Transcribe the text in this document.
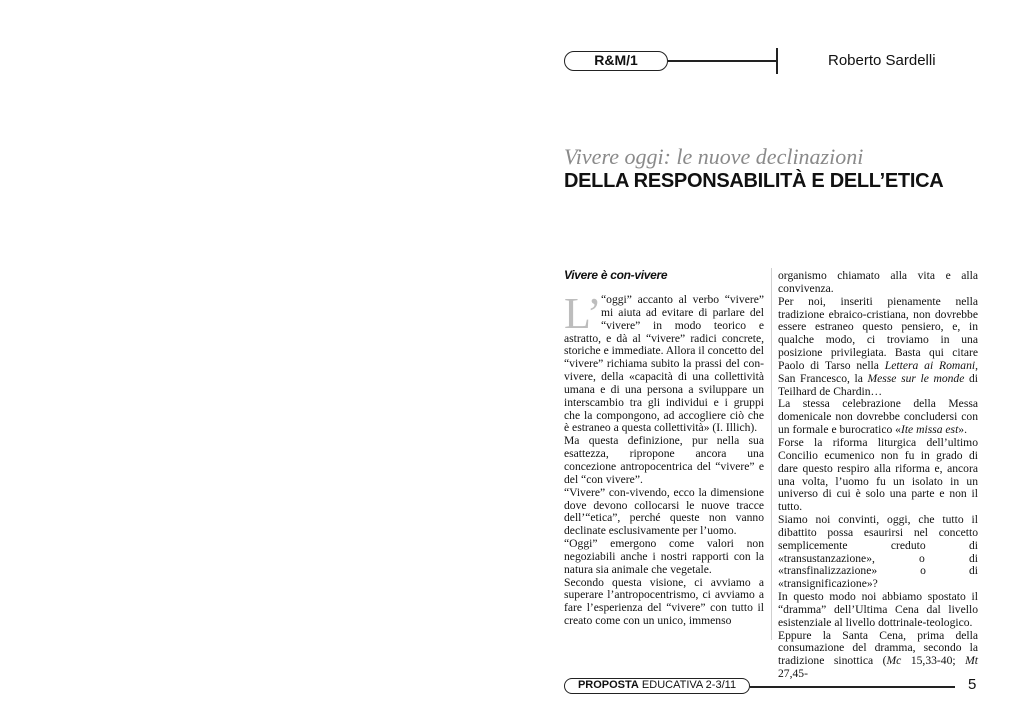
R&M/1	Roberto Sardelli
Vivere oggi: le nuove declinazioni
DELLA RESPONSABILITÀ E DELL’ETICA
Vivere è con-vivere

L’ “oggi” accanto al verbo “vivere” mi aiuta ad evitare di parlare del “vivere” in modo teorico e astratto, e dà al “vivere” radici concrete, storiche e immediate. Allora il concetto del “vivere” richiama subito la prassi del con-vivere, della «capacità di una collettività umana e di una persona a sviluppare un interscambio tra gli individui e i gruppi che la compongono, ad accogliere ciò che è estraneo a questa collettività» (I. Illich).

Ma questa definizione, pur nella sua esattezza, ripropone ancora una concezione antropocentrica del “vivere” e del “con vivere”.

“Vivere” con-vivendo, ecco la dimensione dove devono collocarsi le nuove tracce dell’“etica”, perché queste non vanno declinate esclusivamente per l’uomo.

“Oggi” emergono come valori non negoziabili anche i nostri rapporti con la natura sia animale che vegetale.

Secondo questa visione, ci avviamo a superare l’antropocentrismo, ci avviamo a fare l’esperienza del “vivere” con tutto il creato come con un unico, immenso

organismo chiamato alla vita e alla convivenza.

Per noi, inseriti pienamente nella tradizione ebraico-cristiana, non dovrebbe essere estraneo questo pensiero, e, in qualche modo, ci troviamo in una posizione privilegiata. Basta qui citare Paolo di Tarso nella Lettera ai Romani, San Francesco, la Messe sur le monde di Teilhard de Chardin…

La stessa celebrazione della Messa domenicale non dovrebbe concludersi con un formale e burocratico «Ite missa est».

Forse la riforma liturgica dell’ultimo Concilio ecumenico non fu in grado di dare questo respiro alla riforma e, ancora una volta, l’uomo fu un isolato in un universo di cui è solo una parte e non il tutto.

Siamo noi convinti, oggi, che tutto il dibattito possa esaurirsi nel concetto semplicemente creduto di «transustanzazione», o di «transfinalizzazione» o di «transignificazione»?

In questo modo noi abbiamo spostato il “dramma” dell’Ultima Cena dal livello esistenziale al livello dottrinale-teologico.

Eppure la Santa Cena, prima della consumazione del dramma, secondo la tradizione sinottica (Mc 15,33-40; Mt 27,45-

PROPOSTA EDUCATIVA 2-3/11	5
